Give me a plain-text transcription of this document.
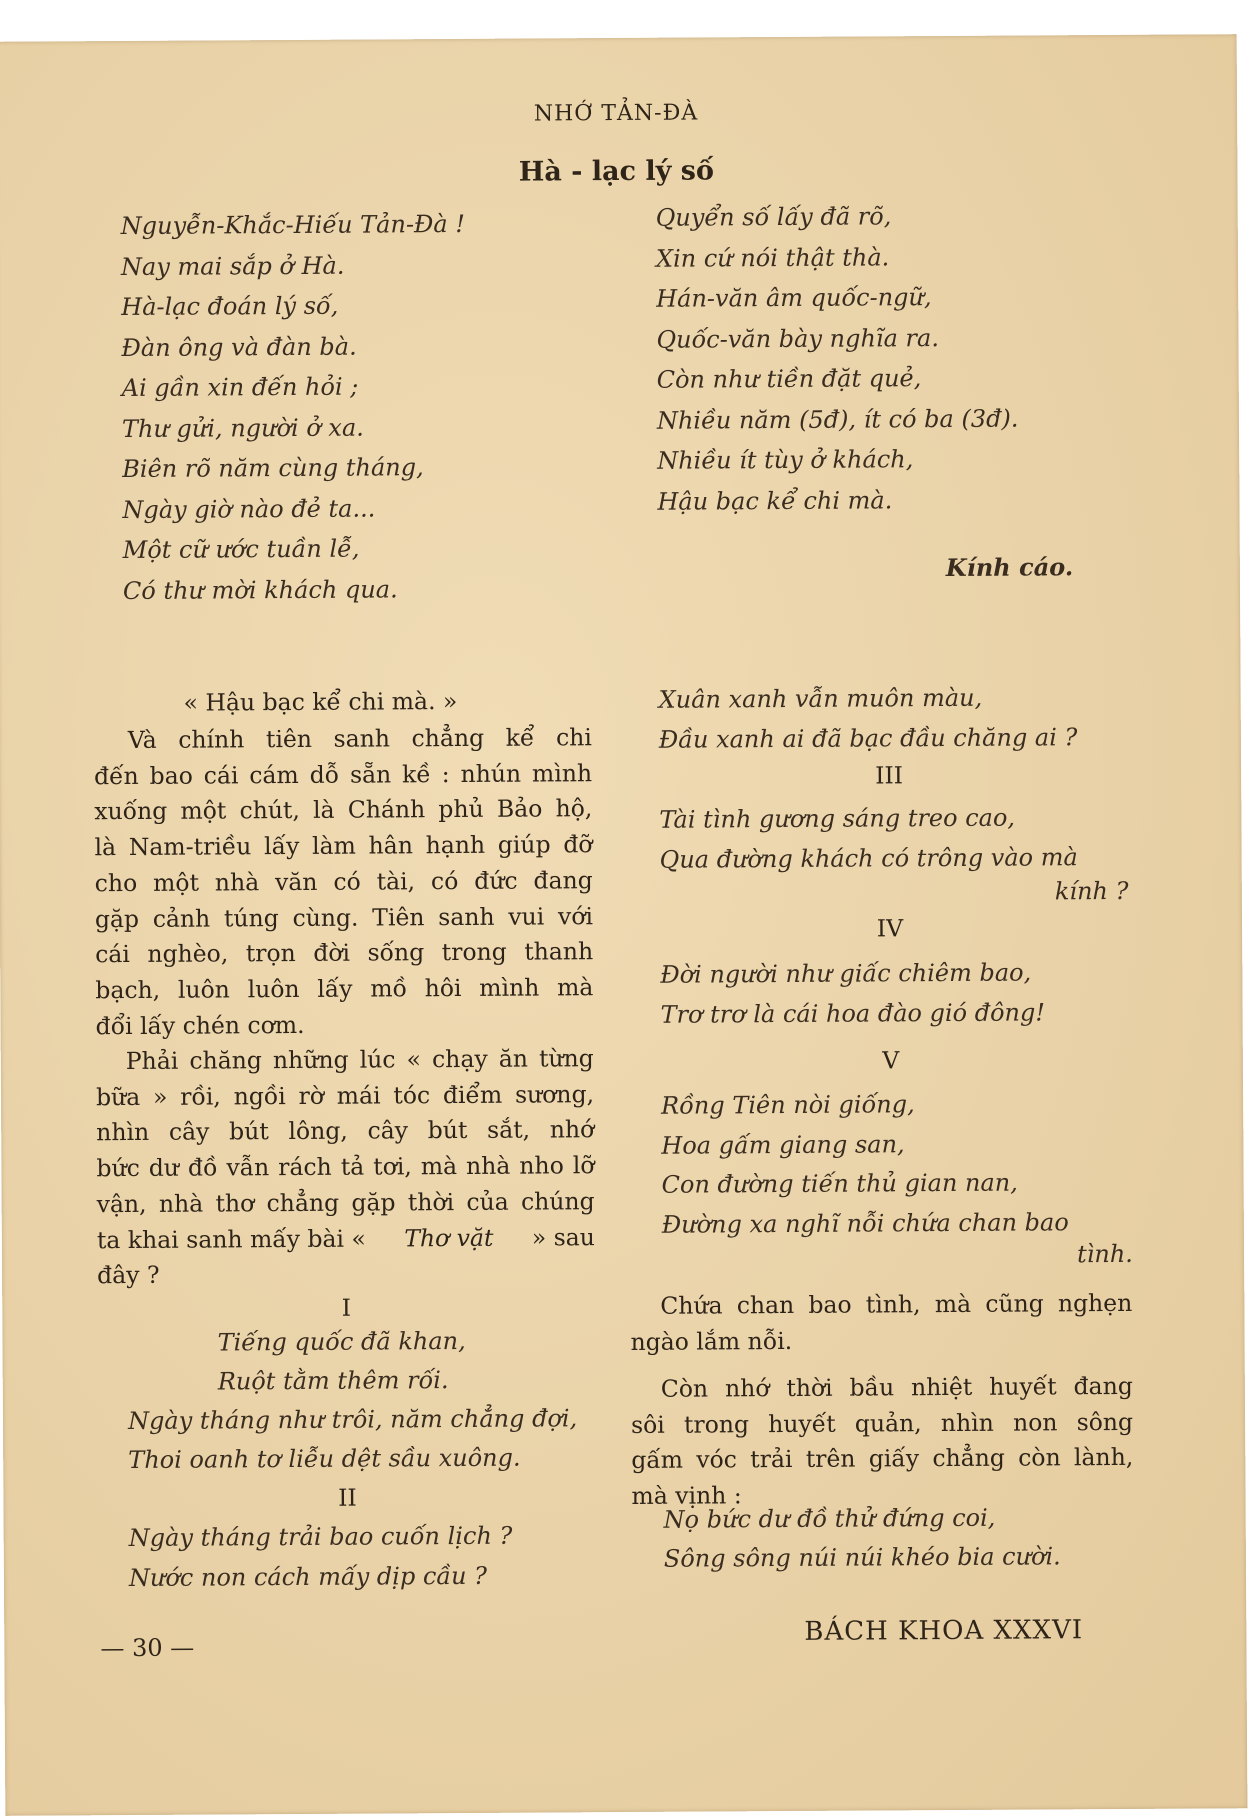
NHỚ TẢN-ĐÀ
Hà - lạc lý số
Nguyễn-Khắc-Hiếu Tản-Đà !
Nay mai sắp ở Hà.
Hà-lạc đoán lý số,
Đàn ông và đàn bà.
Ai gần xin đến hỏi ;
Thư gửi, người ở xa.
Biên rõ năm cùng tháng,
Ngày giờ nào đẻ ta...
Một cữ ước tuần lễ,
Có thư mời khách qua.
Quyển số lấy đã rõ,
Xin cứ nói thật thà.
Hán-văn âm quốc-ngữ,
Quốc-văn bày nghĩa ra.
Còn như tiền đặt quẻ,
Nhiều năm (5đ), ít có ba (3đ).
Nhiều ít tùy ở khách,
Hậu bạc kể chi mà.
Kính cáo.
« Hậu bạc kể chi mà. »
Và chính tiên sanh chẳng kể chi
đến bao cái cám dỗ sẵn kề : nhún mình
xuống một chút, là Chánh phủ Bảo hộ,
là Nam-triều lấy làm hân hạnh giúp đỡ
cho một nhà văn có tài, có đức đang
gặp cảnh túng cùng. Tiên sanh vui với
cái nghèo, trọn đời sống trong thanh
bạch, luôn luôn lấy mồ hôi mình mà
đổi lấy chén cơm.
Phải chăng những lúc « chạy ăn từng
bữa » rồi, ngồi rờ mái tóc điểm sương,
nhìn cây bút lông, cây bút sắt, nhớ
bức dư đồ vẫn rách tả tơi, mà nhà nho lỡ
vận, nhà thơ chẳng gặp thời của chúng
ta khai sanh mấy bài « Thơ vặt » sau
đây ?
I
Tiếng quốc đã khan,
Ruột tằm thêm rối.
Ngày tháng như trôi, năm chẳng đợi,
Thoi oanh tơ liễu dệt sầu xuông.
II
Ngày tháng trải bao cuốn lịch ?
Nước non cách mấy dịp cầu ?
Xuân xanh vẫn muôn màu,
Đầu xanh ai đã bạc đầu chăng ai ?
III
Tài tình gương sáng treo cao,
Qua đường khách có trông vào mà
kính ?
IV
Đời người như giấc chiêm bao,
Trơ trơ là cái hoa đào gió đông!
V
Rồng Tiên nòi giống,
Hoa gấm giang san,
Con đường tiến thủ gian nan,
Đường xa nghĩ nỗi chứa chan bao
tình.
Chứa chan bao tình, mà cũng nghẹn
ngào lắm nỗi.
Còn nhớ thời bầu nhiệt huyết đang
sôi trong huyết quản, nhìn non sông
gấm vóc trải trên giấy chẳng còn lành,
mà vịnh :
Nọ bức dư đồ thử đứng coi,
Sông sông núi núi khéo bia cười.
— 30 —
BÁCH KHOA XXXVI
